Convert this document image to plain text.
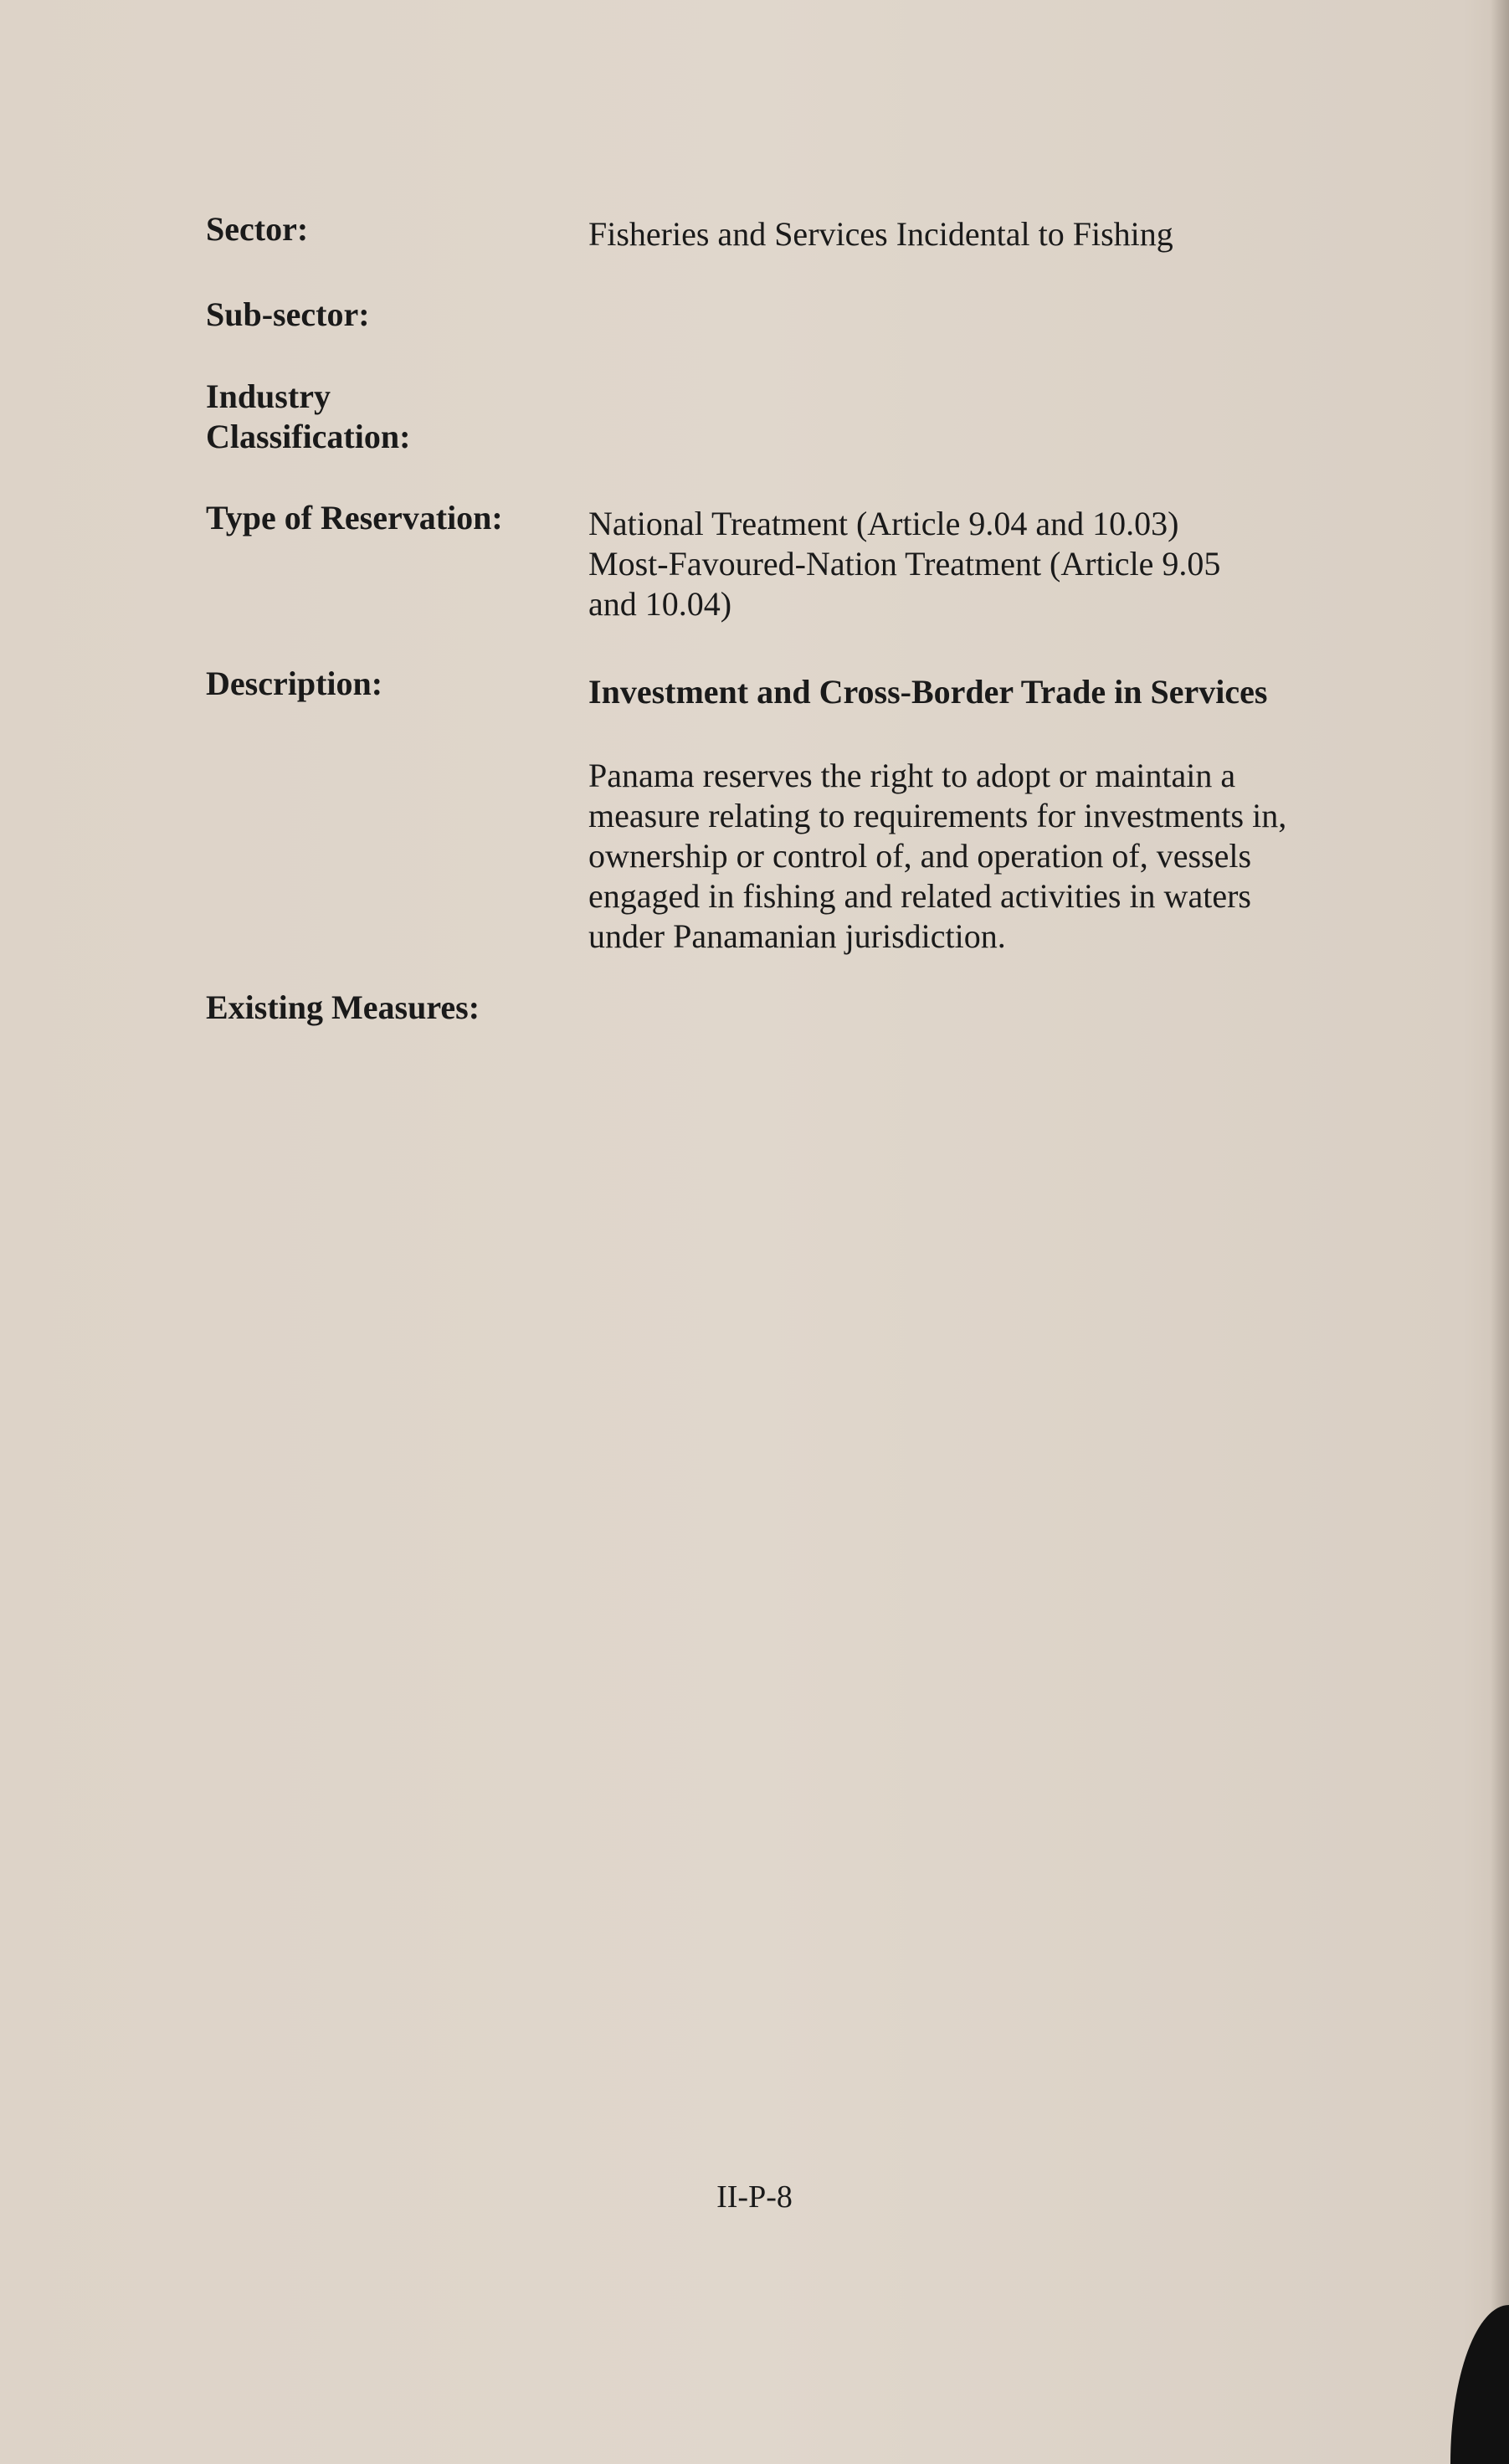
Sector:	Fisheries and Services Incidental to Fishing
Sub-sector:
Industry
Classification:
Type of Reservation:	National Treatment (Article 9.04 and 10.03)
Most-Favoured-Nation Treatment (Article 9.05
and 10.04)
Description:	Investment and Cross-Border Trade in Services
Panama reserves the right to adopt or maintain a
measure relating to requirements for investments in,
ownership or control of, and operation of, vessels
engaged in fishing and related activities in waters
under Panamanian jurisdiction.
Existing Measures:
II-P-8
